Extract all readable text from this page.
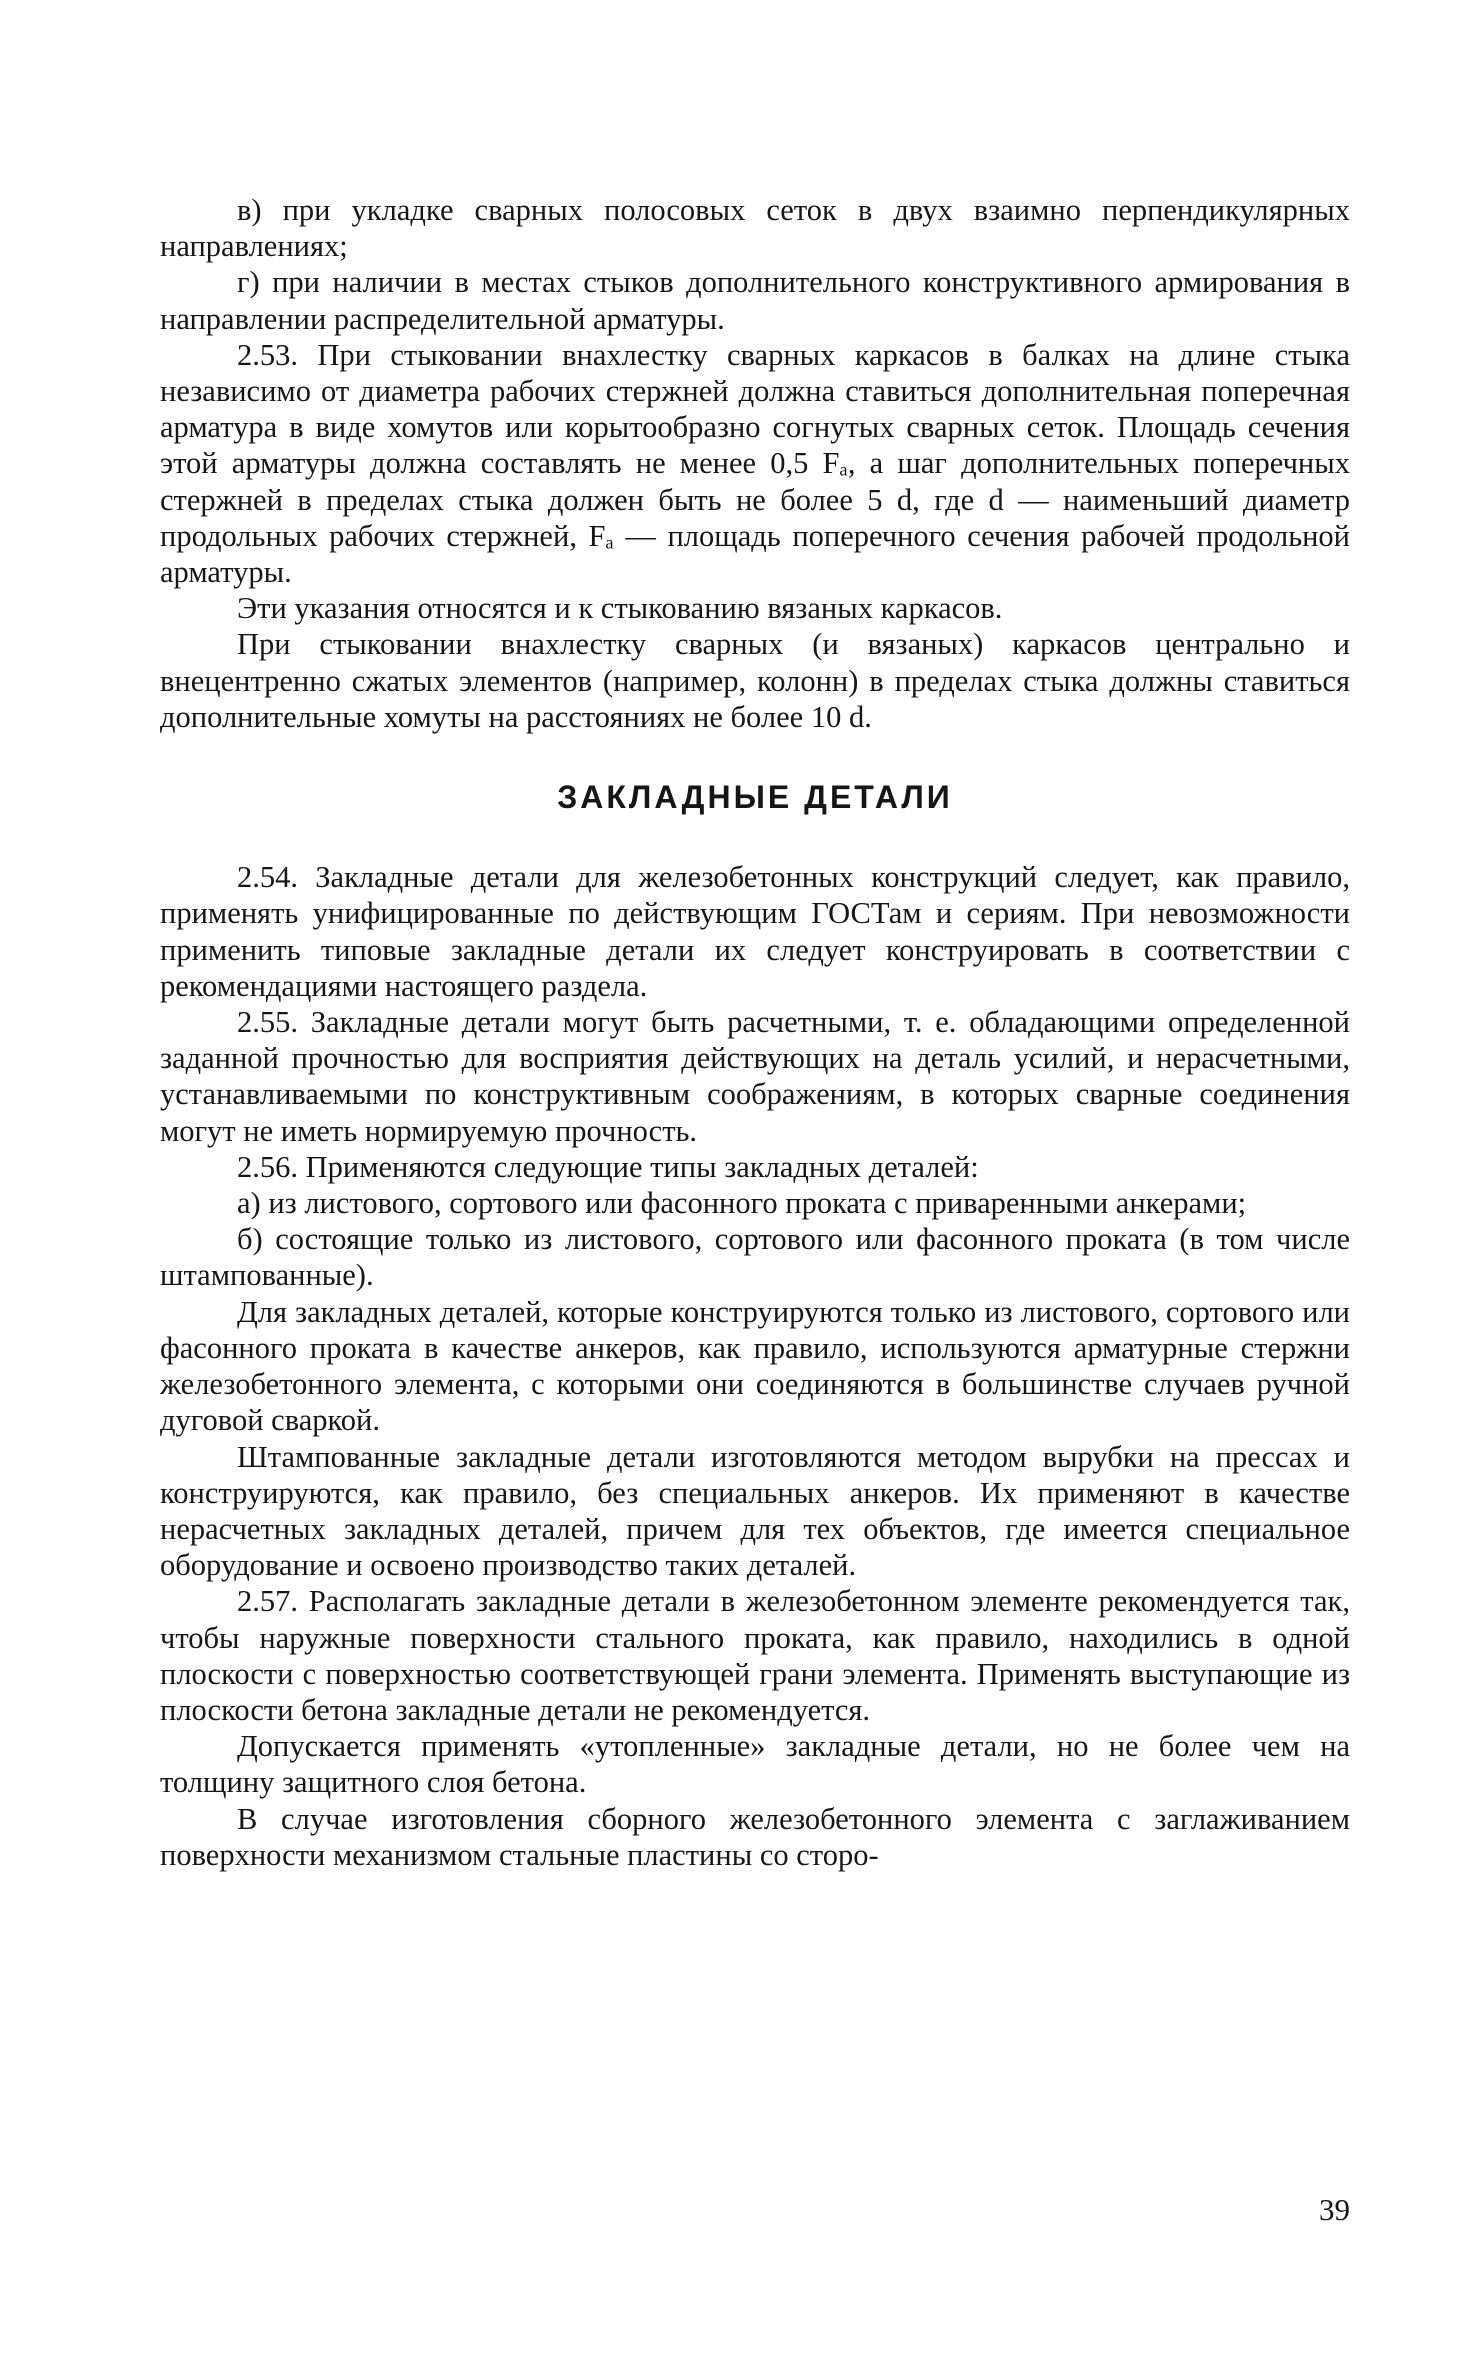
в) при укладке сварных полосовых сеток в двух взаимно перпендикулярных направлениях;

г) при наличии в местах стыков дополнительного конструктивного армирования в направлении распределительной арматуры.

2.53. При стыковании внахлестку сварных каркасов в балках на длине стыка независимо от диаметра рабочих стержней должна ставиться дополнительная поперечная арматура в виде хомутов или корытообразно согнутых сварных сеток. Площадь сечения этой арматуры должна составлять не менее 0,5 Fₐ, а шаг дополнительных поперечных стержней в пределах стыка должен быть не более 5 d, где d — наименьший диаметр продольных рабочих стержней, Fₐ — площадь поперечного сечения рабочей продольной арматуры.

Эти указания относятся и к стыкованию вязаных каркасов.

При стыковании внахлестку сварных (и вязаных) каркасов центрально и внецентренно сжатых элементов (например, колонн) в пределах стыка должны ставиться дополнительные хомуты на расстояниях не более 10 d.

ЗАКЛАДНЫЕ ДЕТАЛИ

2.54. Закладные детали для железобетонных конструкций следует, как правило, применять унифицированные по действующим ГОСТам и сериям. При невозможности применить типовые закладные детали их следует конструировать в соответствии с рекомендациями настоящего раздела.

2.55. Закладные детали могут быть расчетными, т. е. обладающими определенной заданной прочностью для восприятия действующих на деталь усилий, и нерасчетными, устанавливаемыми по конструктивным соображениям, в которых сварные соединения могут не иметь нормируемую прочность.

2.56. Применяются следующие типы закладных деталей:

а) из листового, сортового или фасонного проката с приваренными анкерами;

б) состоящие только из листового, сортового или фасонного проката (в том числе штампованные).

Для закладных деталей, которые конструируются только из листового, сортового или фасонного проката в качестве анкеров, как правило, используются арматурные стержни железобетонного элемента, с которыми они соединяются в большинстве случаев ручной дуговой сваркой.

Штампованные закладные детали изготовляются методом вырубки на прессах и конструируются, как правило, без специальных анкеров. Их применяют в качестве нерасчетных закладных деталей, причем для тех объектов, где имеется специальное оборудование и освоено производство таких деталей.

2.57. Располагать закладные детали в железобетонном элементе рекомендуется так, чтобы наружные поверхности стального проката, как правило, находились в одной плоскости с поверхностью соответствующей грани элемента. Применять выступающие из плоскости бетона закладные детали не рекомендуется.

Допускается применять «утопленные» закладные детали, но не более чем на толщину защитного слоя бетона.

В случае изготовления сборного железобетонного элемента с заглаживанием поверхности механизмом стальные пластины со сторо-

39
